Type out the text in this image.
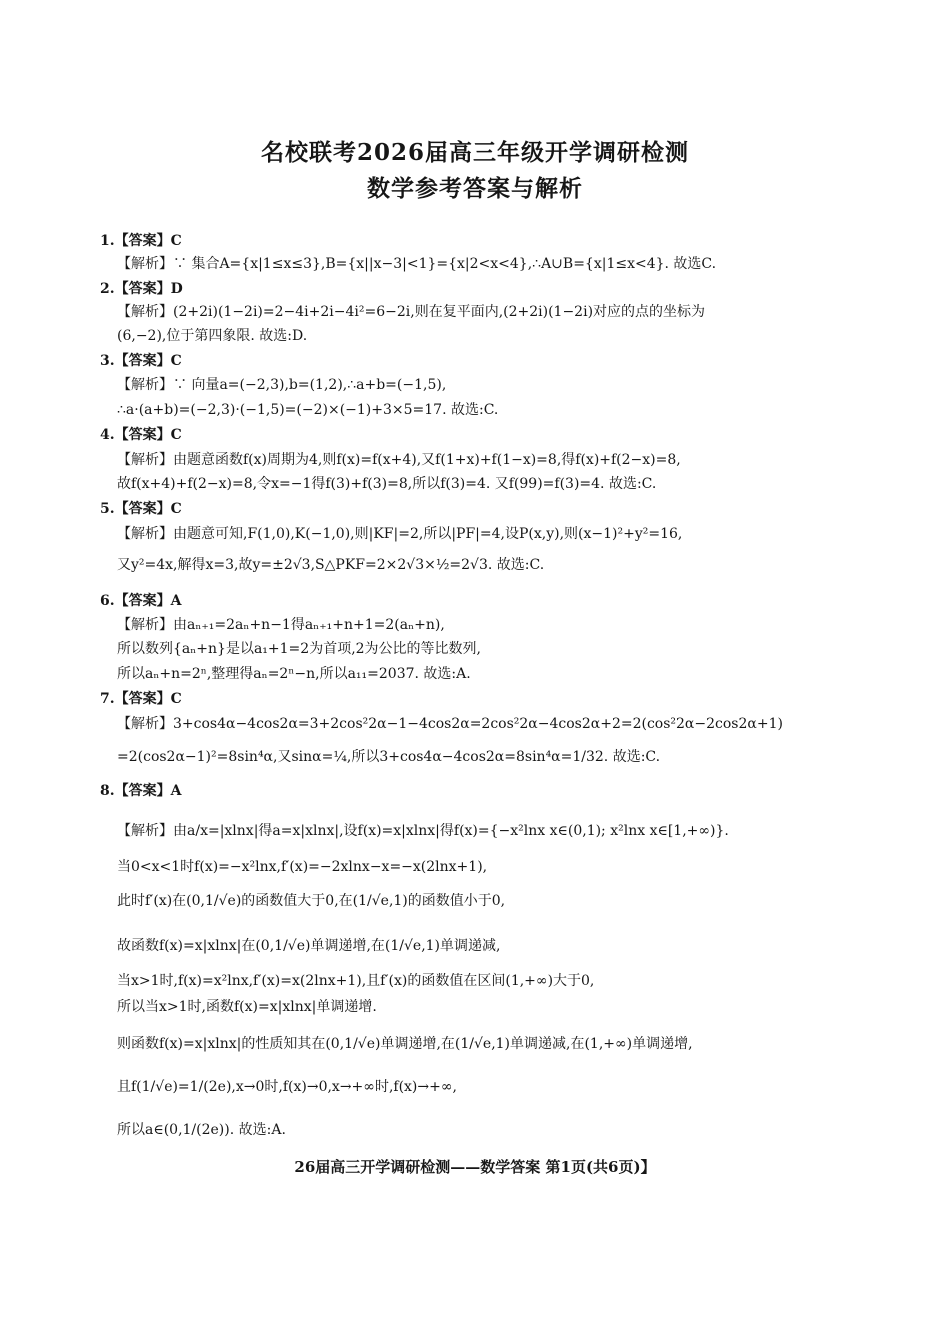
名校联考2026届高三年级开学调研检测
数学参考答案与解析
1.【答案】C
【解析】∵ 集合A={x|1≤x≤3},B={x||x−3|<1}={x|2<x<4},∴A∪B={x|1≤x<4}. 故选C.
2.【答案】D
【解析】(2+2i)(1−2i)=2−4i+2i−4i²=6−2i,则在复平面内,(2+2i)(1−2i)对应的点的坐标为
(6,−2),位于第四象限. 故选:D.
3.【答案】C
【解析】∵ 向量a=(−2,3),b=(1,2),∴a+b=(−1,5),
∴a·(a+b)=(−2,3)·(−1,5)=(−2)×(−1)+3×5=17. 故选:C.
4.【答案】C
【解析】由题意函数f(x)周期为4,则f(x)=f(x+4),又f(1+x)+f(1−x)=8,得f(x)+f(2−x)=8,
故f(x+4)+f(2−x)=8,令x=−1得f(3)+f(3)=8,所以f(3)=4. 又f(99)=f(3)=4. 故选:C.
5.【答案】C
【解析】由题意可知,F(1,0),K(−1,0),则|KF|=2,所以|PF|=4,设P(x,y),则(x−1)²+y²=16,
又y²=4x,解得x=3,故y=±2√3,S△PKF=2×2√3×½=2√3. 故选:C.
6.【答案】A
【解析】由aₙ₊₁=2aₙ+n−1得aₙ₊₁+n+1=2(aₙ+n),
所以数列{aₙ+n}是以a₁+1=2为首项,2为公比的等比数列,
所以aₙ+n=2ⁿ,整理得aₙ=2ⁿ−n,所以a₁₁=2037. 故选:A.
7.【答案】C
【解析】3+cos4α−4cos2α=3+2cos²2α−1−4cos2α=2cos²2α−4cos2α+2=2(cos²2α−2cos2α+1)
=2(cos2α−1)²=8sin⁴α,又sinα=¼,所以3+cos4α−4cos2α=8sin⁴α=1/32. 故选:C.
8.【答案】A
【解析】由a/x=|xlnx|得a=x|xlnx|,设f(x)=x|xlnx|得f(x)={−x²lnx x∈(0,1); x²lnx x∈[1,+∞)}.
当0<x<1时f(x)=−x²lnx,f′(x)=−2xlnx−x=−x(2lnx+1),
此时f′(x)在(0,1/√e)的函数值大于0,在(1/√e,1)的函数值小于0,
故函数f(x)=x|xlnx|在(0,1/√e)单调递增,在(1/√e,1)单调递减,
当x>1时,f(x)=x²lnx,f′(x)=x(2lnx+1),且f′(x)的函数值在区间(1,+∞)大于0,
所以当x>1时,函数f(x)=x|xlnx|单调递增.
则函数f(x)=x|xlnx|的性质知其在(0,1/√e)单调递增,在(1/√e,1)单调递减,在(1,+∞)单调递增,
且f(1/√e)=1/(2e),x→0时,f(x)→0,x→+∞时,f(x)→+∞,
所以a∈(0,1/(2e)). 故选:A.
26届高三开学调研检测——数学答案 第1页(共6页)】
